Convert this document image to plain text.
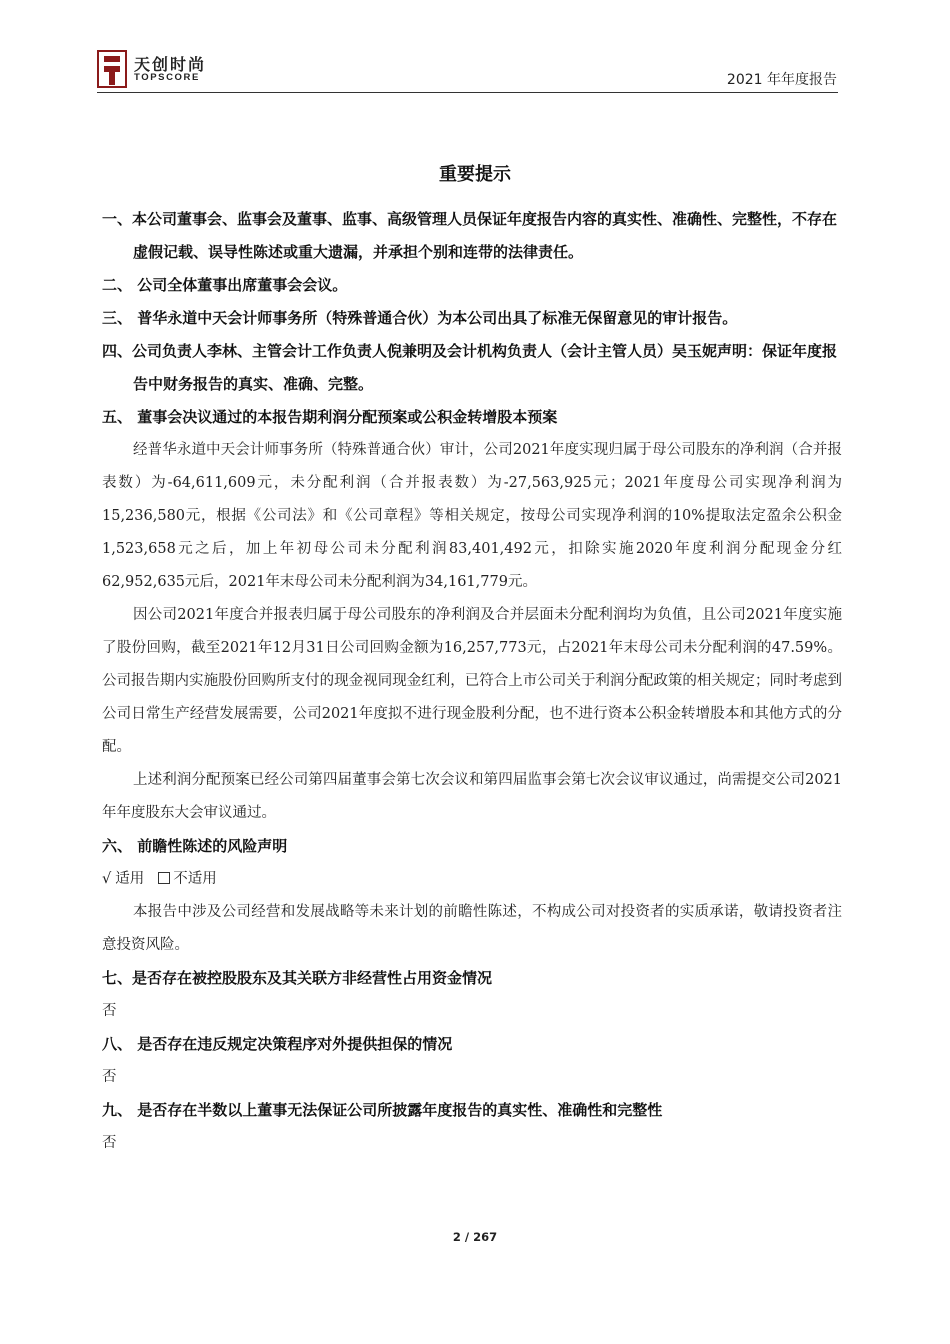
天创时尚
TOPSCORE	2021 年年度报告
重要提示
一、本公司董事会、监事会及董事、监事、高级管理人员保证年度报告内容的真实性、准确性、完整性，不存在虚假记载、误导性陈述或重大遗漏，并承担个别和连带的法律责任。
二、 公司全体董事出席董事会会议。
三、 普华永道中天会计师事务所（特殊普通合伙）为本公司出具了标准无保留意见的审计报告。
四、公司负责人李林、主管会计工作负责人倪兼明及会计机构负责人（会计主管人员）吴玉妮声明：保证年度报告中财务报告的真实、准确、完整。
五、 董事会决议通过的本报告期利润分配预案或公积金转增股本预案
经普华永道中天会计师事务所（特殊普通合伙）审计，公司2021年度实现归属于母公司股东的净利润（合并报表数）为-64,611,609元，未分配利润（合并报表数）为-27,563,925元；2021年度母公司实现净利润为15,236,580元，根据《公司法》和《公司章程》等相关规定，按母公司实现净利润的10%提取法定盈余公积金1,523,658元之后，加上年初母公司未分配利润83,401,492元，扣除实施2020年度利润分配现金分红62,952,635元后，2021年末母公司未分配利润为34,161,779元。
因公司2021年度合并报表归属于母公司股东的净利润及合并层面未分配利润均为负值，且公司2021年度实施了股份回购，截至2021年12月31日公司回购金额为16,257,773元，占2021年末母公司未分配利润的47.59%。公司报告期内实施股份回购所支付的现金视同现金红利，已符合上市公司关于利润分配政策的相关规定；同时考虑到公司日常生产经营发展需要，公司2021年度拟不进行现金股利分配，也不进行资本公积金转增股本和其他方式的分配。
上述利润分配预案已经公司第四届董事会第七次会议和第四届监事会第七次会议审议通过，尚需提交公司2021年年度股东大会审议通过。
六、 前瞻性陈述的风险声明
√ 适用 不适用
本报告中涉及公司经营和发展战略等未来计划的前瞻性陈述，不构成公司对投资者的实质承诺，敬请投资者注意投资风险。
七、是否存在被控股股东及其关联方非经营性占用资金情况
否
八、 是否存在违反规定决策程序对外提供担保的情况
否
九、 是否存在半数以上董事无法保证公司所披露年度报告的真实性、准确性和完整性
否
2 / 267
